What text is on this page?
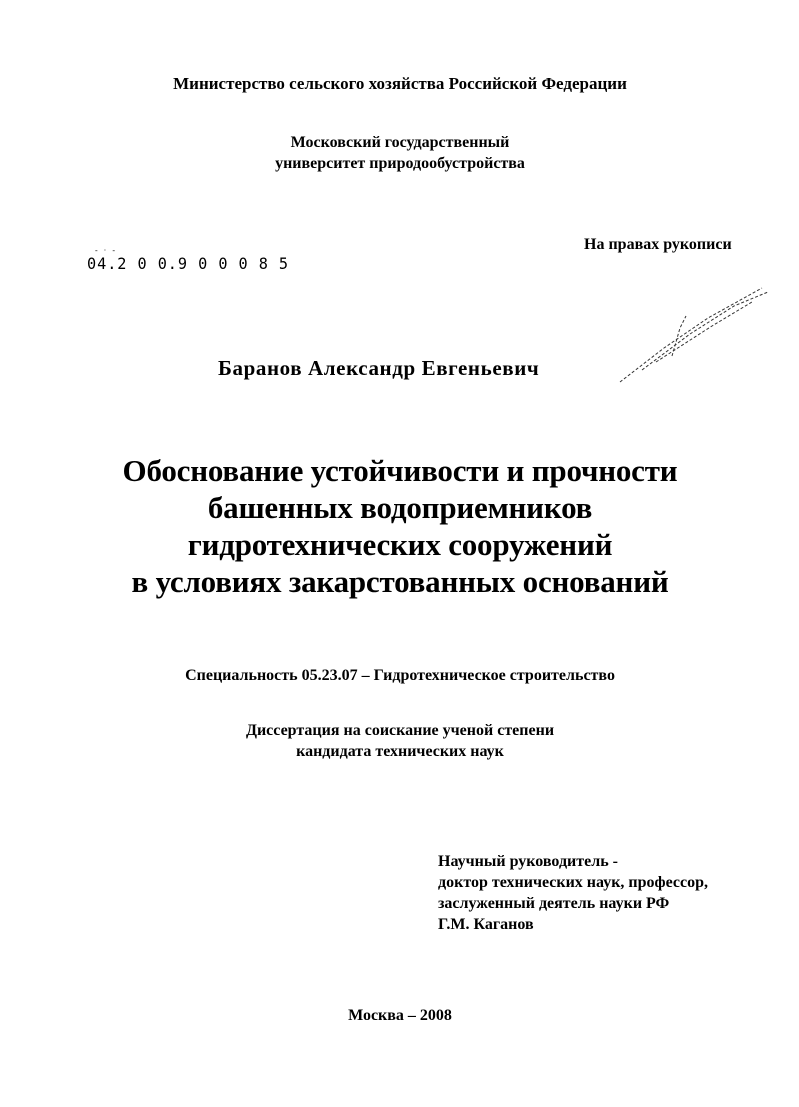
Министерство сельского хозяйства Российской Федерации
Московский государственный
университет природообустройства
На правах рукописи
- · -
04.2 0 0.9 0 0 0 8 5
Баранов Александр Евгеньевич
Обоснование устойчивости и прочности
башенных водоприемников
гидротехнических сооружений
в условиях закарстованных оснований
Специальность 05.23.07 – Гидротехническое строительство
Диссертация на соискание ученой степени
кандидата технических наук
Научный руководитель -
доктор технических наук, профессор,
заслуженный деятель науки РФ
Г.М. Каганов
Москва – 2008
